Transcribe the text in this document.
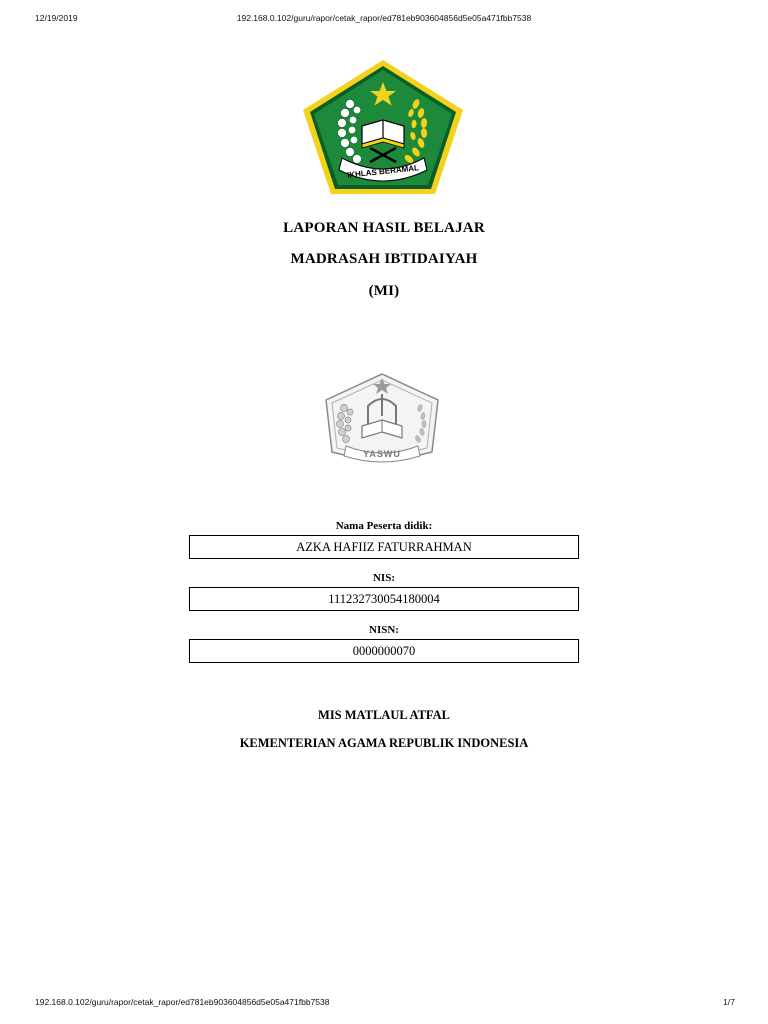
12/19/2019	192.168.0.102/guru/rapor/cetak_rapor/ed781eb903604856d5e05a471fbb7538
IKHLAS BERAMAL
LAPORAN HASIL BELAJAR
MADRASAH IBTIDAIYAH
(MI)
YASWU
Nama Peserta didik:
AZKA HAFIIZ FATURRAHMAN
NIS:
111232730054180004
NISN:
0000000070
MIS MATLAUL ATFAL
KEMENTERIAN AGAMA REPUBLIK INDONESIA
192.168.0.102/guru/rapor/cetak_rapor/ed781eb903604856d5e05a471fbb7538	1/7
